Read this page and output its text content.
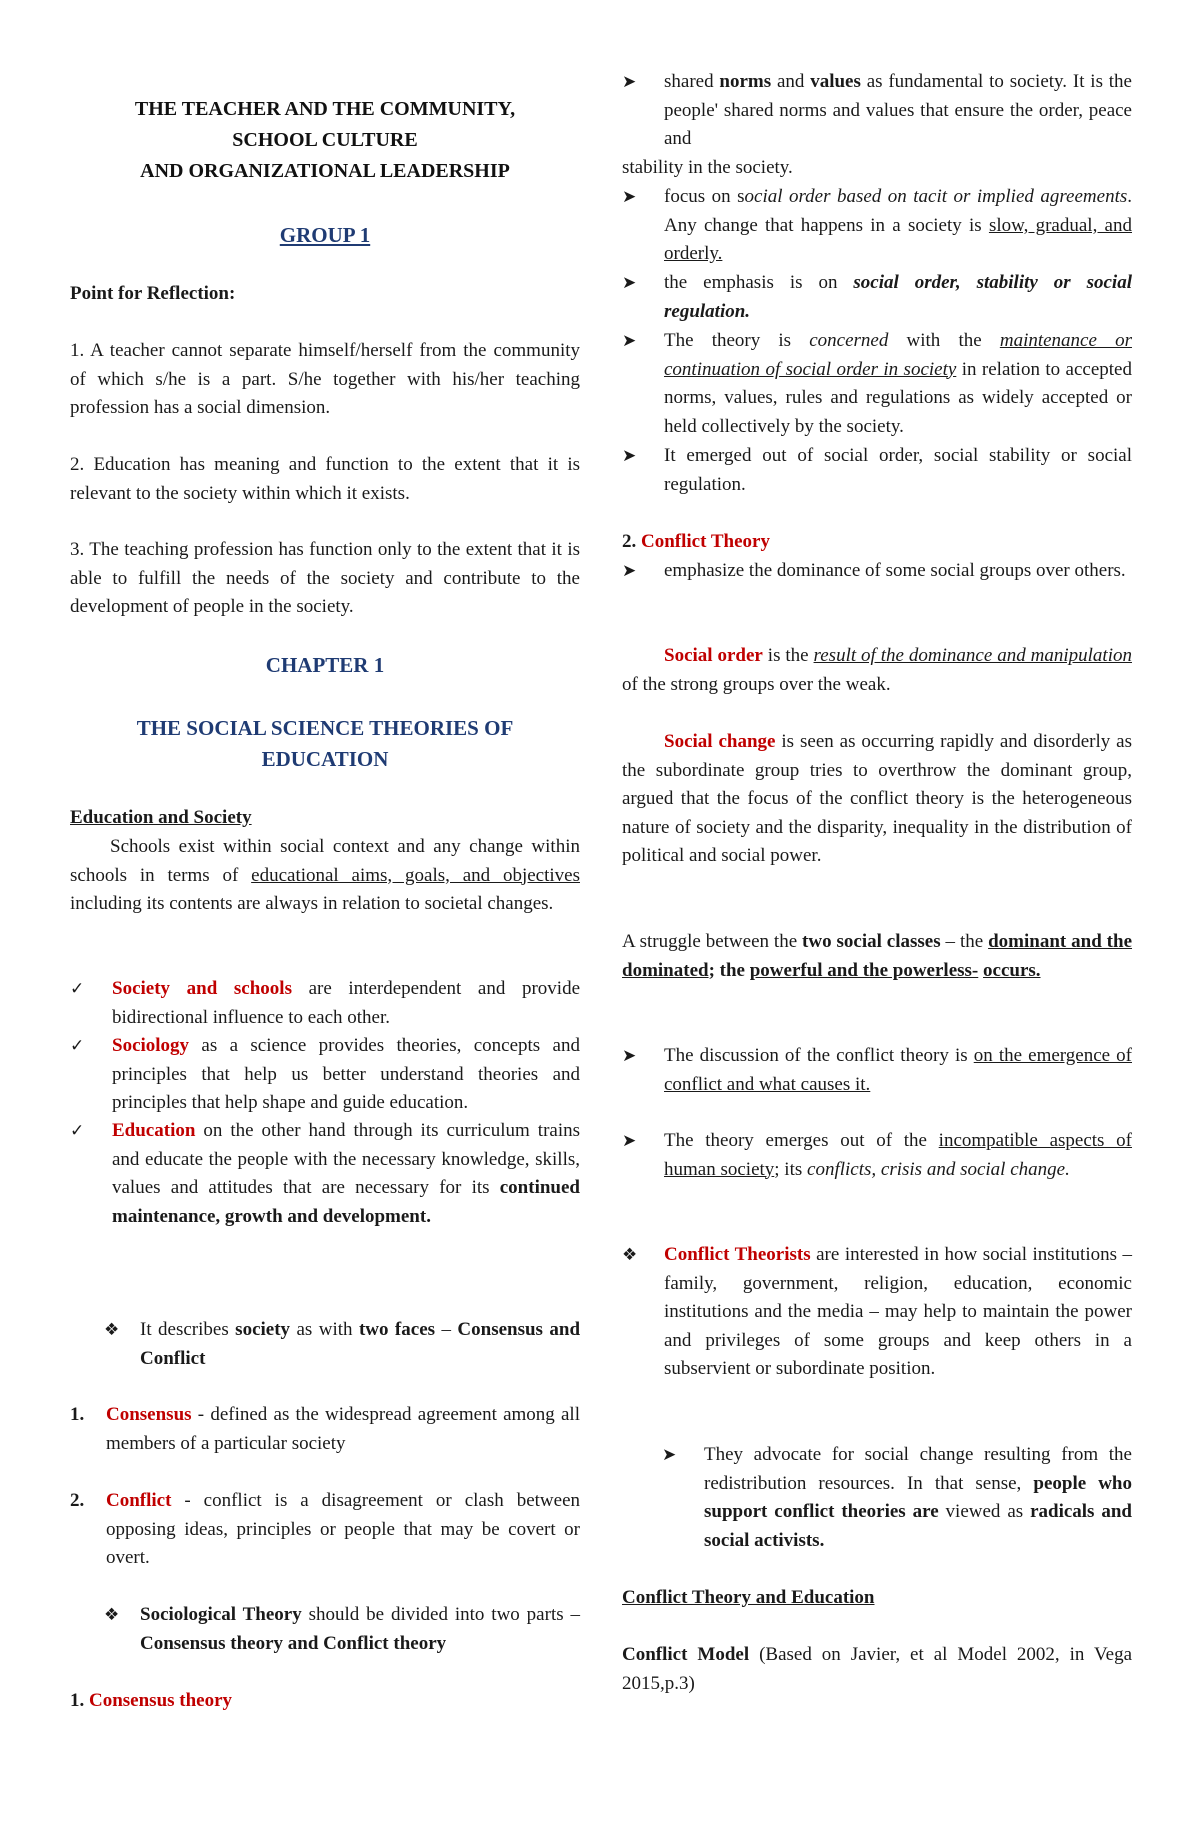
THE TEACHER AND THE COMMUNITY,
SCHOOL CULTURE
AND ORGANIZATIONAL LEADERSHIP
GROUP 1
Point for Reflection:

1. A teacher cannot separate himself/herself from the community of which s/he is a part. S/he together with his/her teaching profession has a social dimension.

2. Education has meaning and function to the extent that it is relevant to the society within which it exists.

3. The teaching profession has function only to the extent that it is able to fulfill the needs of the society and contribute to the development of people in the society.

CHAPTER 1
THE SOCIAL SCIENCE THEORIES OF
EDUCATION
Education and Society

Schools exist within social context and any change within schools in terms of educational aims, goals, and objectives including its contents are always in relation to societal changes.

✓	Society and schools are interdependent and provide bidirectional influence to each other.

✓	Sociology as a science provides theories, concepts and principles that help us better understand theories and principles that help shape and guide education.

✓	Education on the other hand through its curriculum trains and educate the people with the necessary knowledge, skills, values and attitudes that are necessary for its continued maintenance, growth and development.

❖	It describes society as with two faces – Consensus and Conflict

1.	Consensus - defined as the widespread agreement among all members of a particular society

2.	Conflict - conflict is a disagreement or clash between opposing ideas, principles or people that may be covert or overt.

❖	Sociological Theory should be divided into two parts – Consensus theory and Conflict theory

1. Consensus theory
➤	shared norms and values as fundamental to society. It is the people' shared norms and values that ensure the order, peace and

stability in the society.
➤	focus on social order based on tacit or implied agreements. Any change that happens in a society is slow, gradual, and orderly.

➤	the emphasis is on social order, stability or social regulation.

➤	The theory is concerned with the maintenance or continuation of social order in society in relation to accepted norms, values, rules and regulations as widely accepted or held collectively by the society.

➤	It emerged out of social order, social stability or social regulation.

2. Conflict Theory
➤	emphasize the dominance of some social groups over others.

Social order is the result of the dominance and manipulation of the strong groups over the weak.

Social change is seen as occurring rapidly and disorderly as the subordinate group tries to overthrow the dominant group, argued that the focus of the conflict theory is the heterogeneous nature of society and the disparity, inequality in the distribution of political and social power.

A struggle between the two social classes – the dominant and the dominated; the powerful and the powerless- occurs.

➤	The discussion of the conflict theory is on the emergence of conflict and what causes it.

➤	The theory emerges out of the incompatible aspects of human society; its conflicts, crisis and social change.

❖	Conflict Theorists are interested in how social institutions – family, government, religion, education, economic institutions and the media – may help to maintain the power and privileges of some groups and keep others in a subservient or subordinate position.

➤	They advocate for social change resulting from the redistribution resources. In that sense, people who support conflict theories are viewed as radicals and social activists.

Conflict Theory and Education

Conflict Model (Based on Javier, et al Model 2002, in Vega 2015,p.3)
